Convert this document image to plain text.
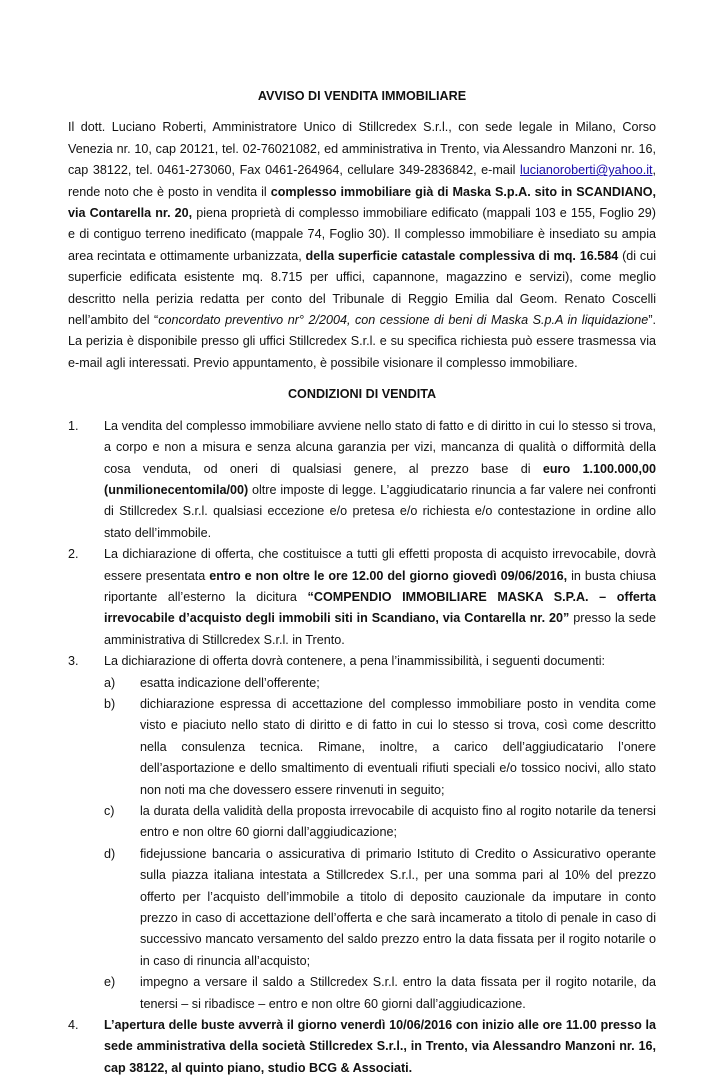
AVVISO DI VENDITA IMMOBILIARE

Il dott. Luciano Roberti, Amministratore Unico di Stillcredex S.r.l., con sede legale in Milano, Corso Venezia nr. 10, cap 20121, tel. 02-76021082, ed amministrativa in Trento, via Alessandro Manzoni nr. 16, cap 38122, tel. 0461-273060, Fax 0461-264964, cellulare 349-2836842, e-mail lucianoroberti@yahoo.it, rende noto che è posto in vendita il complesso immobiliare già di Maska S.p.A. sito in SCANDIANO, via Contarella nr. 20, piena proprietà di complesso immobiliare edificato (mappali 103 e 155, Foglio 29) e di contiguo terreno inedificato (mappale 74, Foglio 30). Il complesso immobiliare è insediato su ampia area recintata e ottimamente urbanizzata, della superficie catastale complessiva di mq. 16.584 (di cui superficie edificata esistente mq. 8.715 per uffici, capannone, magazzino e servizi), come meglio descritto nella perizia redatta per conto del Tribunale di Reggio Emilia dal Geom. Renato Coscelli nell’ambito del “concordato preventivo nr° 2/2004, con cessione di beni di Maska S.p.A in liquidazione”. La perizia è disponibile presso gli uffici Stillcredex S.r.l. e su specifica richiesta può essere trasmessa via e-mail agli interessati. Previo appuntamento, è possibile visionare il complesso immobiliare.

CONDIZIONI DI VENDITA
1. La vendita del complesso immobiliare avviene nello stato di fatto e di diritto in cui lo stesso si trova, a corpo e non a misura e senza alcuna garanzia per vizi, mancanza di qualità o difformità della cosa venduta, od oneri di qualsiasi genere, al prezzo base di euro 1.100.000,00 (unmilionecentomila/00) oltre imposte di legge. L’aggiudicatario rinuncia a far valere nei confronti di Stillcredex S.r.l. qualsiasi eccezione e/o pretesa e/o richiesta e/o contestazione in ordine allo stato dell’immobile.

2. La dichiarazione di offerta, che costituisce a tutti gli effetti proposta di acquisto irrevocabile, dovrà essere presentata entro e non oltre le ore 12.00 del giorno giovedì 09/06/2016, in busta chiusa riportante all’esterno la dicitura “COMPENDIO IMMOBILIARE MASKA S.P.A. – offerta irrevocabile d’acquisto degli immobili siti in Scandiano, via Contarella nr. 20” presso la sede amministrativa di Stillcredex S.r.l. in Trento.

3. La dichiarazione di offerta dovrà contenere, a pena l’inammissibilità, i seguenti documenti:

a) esatta indicazione dell’offerente;

b) dichiarazione espressa di accettazione del complesso immobiliare posto in vendita come visto e piaciuto nello stato di diritto e di fatto in cui lo stesso si trova, così come descritto nella consulenza tecnica. Rimane, inoltre, a carico dell’aggiudicatario l’onere dell’asportazione e dello smaltimento di eventuali rifiuti speciali e/o tossico nocivi, allo stato non noti ma che dovessero essere rinvenuti in seguito;

c) la durata della validità della proposta irrevocabile di acquisto fino al rogito notarile da tenersi entro e non oltre 60 giorni dall’aggiudicazione;

d) fidejussione bancaria o assicurativa di primario Istituto di Credito o Assicurativo operante sulla piazza italiana intestata a Stillcredex S.r.l., per una somma pari al 10% del prezzo offerto per l’acquisto dell’immobile a titolo di deposito cauzionale da imputare in conto prezzo in caso di accettazione dell’offerta e che sarà incamerato a titolo di penale in caso di successivo mancato versamento del saldo prezzo entro la data fissata per il rogito notarile o in caso di rinuncia all’acquisto;

e) impegno a versare il saldo a Stillcredex S.r.l. entro la data fissata per il rogito notarile, da tenersi – si ribadisce – entro e non oltre 60 giorni dall’aggiudicazione.

4. L’apertura delle buste avverrà il giorno venerdì 10/06/2016 con inizio alle ore 11.00 presso la sede amministrativa della società Stillcredex S.r.l., in Trento, via Alessandro Manzoni nr. 16, cap 38122, al quinto piano, studio BCG & Associati.
